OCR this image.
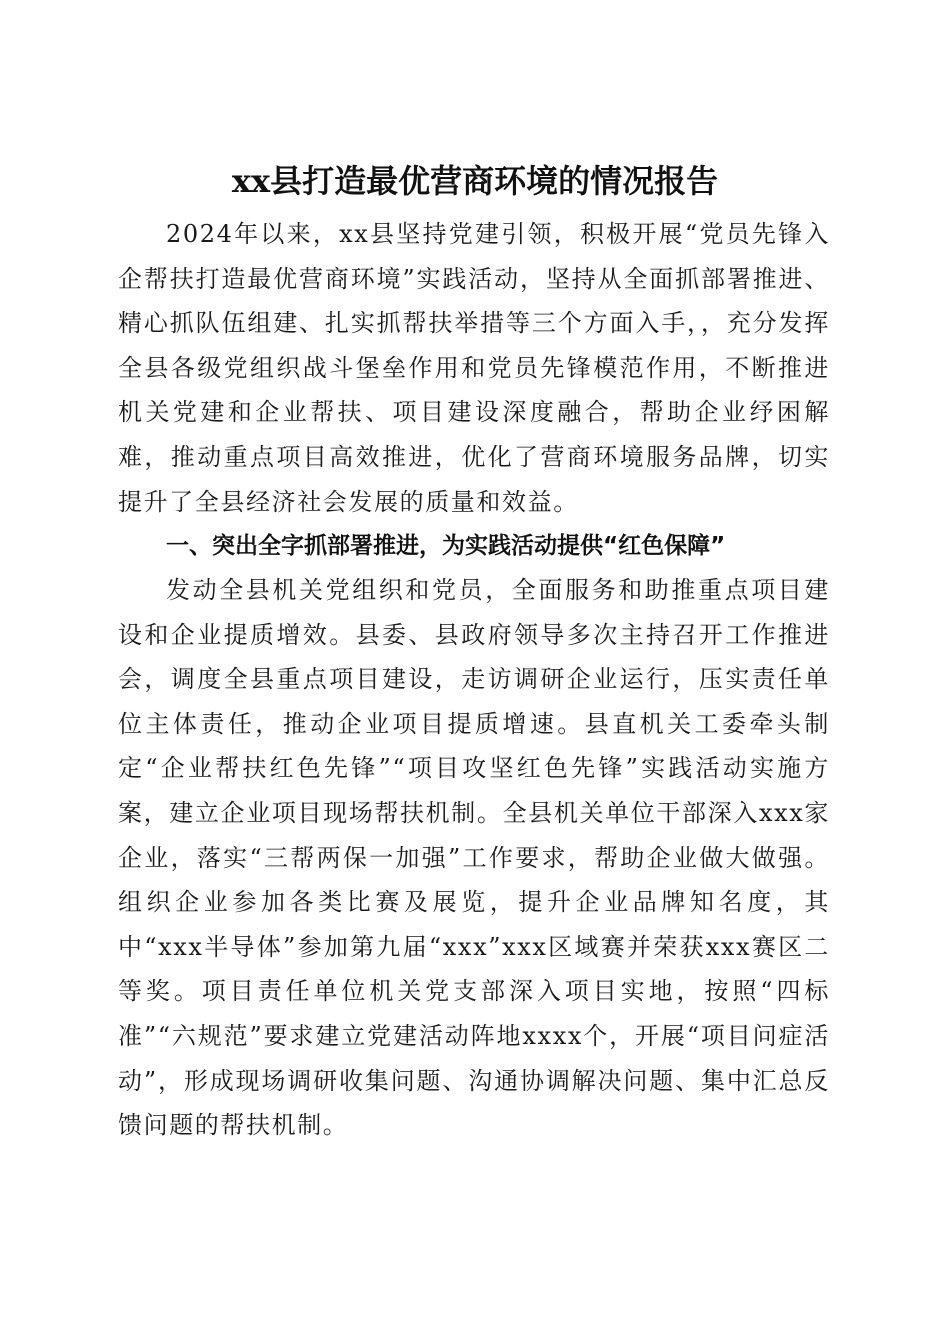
xx县打造最优营商环境的情况报告

2024年以来，xx县坚持党建引领，积极开展“党员先锋入企帮扶打造最优营商环境”实践活动，坚持从全面抓部署推进、精心抓队伍组建、扎实抓帮扶举措等三个方面入手，，充分发挥全县各级党组织战斗堡垒作用和党员先锋模范作用，不断推进机关党建和企业帮扶、项目建设深度融合，帮助企业纾困解难，推动重点项目高效推进，优化了营商环境服务品牌，切实提升了全县经济社会发展的质量和效益。

一、突出全字抓部署推进，为实践活动提供“红色保障”

发动全县机关党组织和党员，全面服务和助推重点项目建设和企业提质增效。县委、县政府领导多次主持召开工作推进会，调度全县重点项目建设，走访调研企业运行，压实责任单位主体责任，推动企业项目提质增速。县直机关工委牵头制定“企业帮扶红色先锋”“项目攻坚红色先锋”实践活动实施方案，建立企业项目现场帮扶机制。全县机关单位干部深入xxx家企业，落实“三帮两保一加强”工作要求，帮助企业做大做强。组织企业参加各类比赛及展览，提升企业品牌知名度，其中“xxx半导体”参加第九届“xxx”xxx区域赛并荣获xxx赛区二等奖。项目责任单位机关党支部深入项目实地，按照“四标准”“六规范”要求建立党建活动阵地xxxx个，开展“项目问症活动”，形成现场调研收集问题、沟通协调解决问题、集中汇总反馈问题的帮扶机制。
